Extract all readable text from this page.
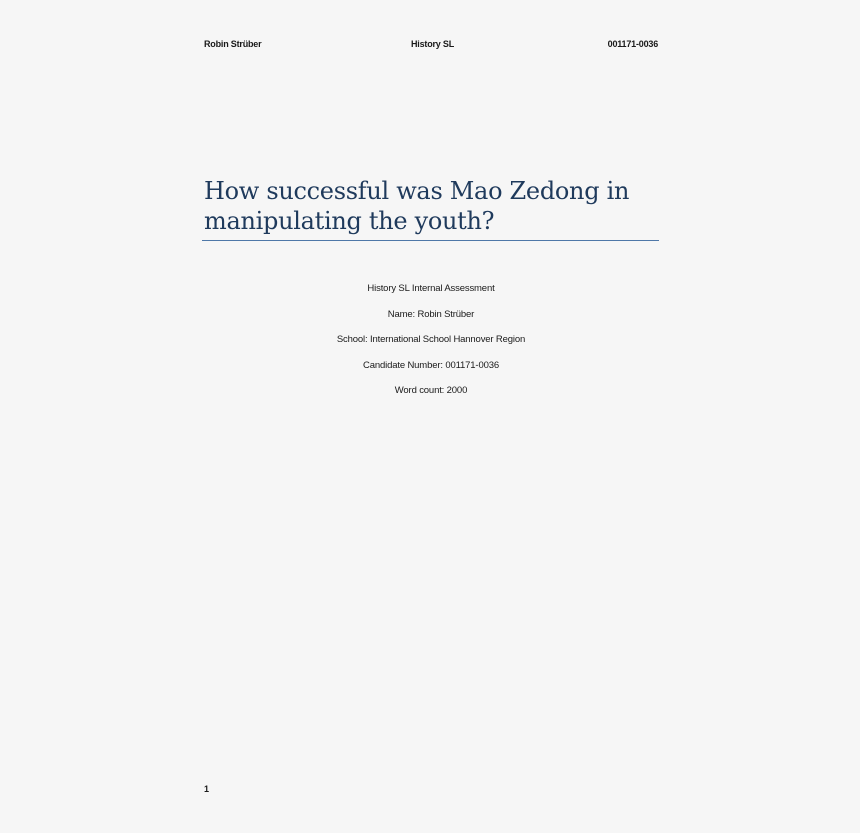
Robin Strüber	History SL	001171-0036
How successful was Mao Zedong in
manipulating the youth?
History SL Internal Assessment
Name: Robin Strüber
School: International School Hannover Region
Candidate Number: 001171-0036
Word count: 2000
1
